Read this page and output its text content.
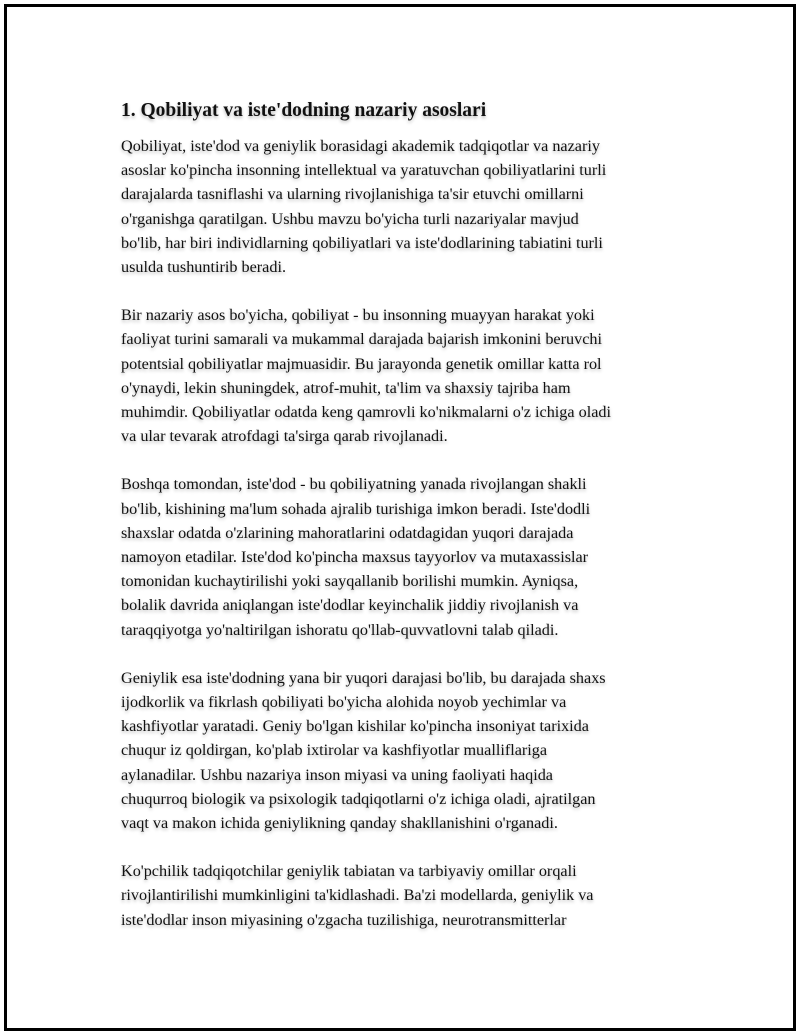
1. Qobiliyat va iste'dodning nazariy asoslari
Qobiliyat, iste'dod va geniylik borasidagi akademik tadqiqotlar va nazariy
asoslar ko'pincha insonning intellektual va yaratuvchan qobiliyatlarini turli
darajalarda tasniflashi va ularning rivojlanishiga ta'sir etuvchi omillarni
o'rganishga qaratilgan. Ushbu mavzu bo'yicha turli nazariyalar mavjud
bo'lib, har biri individlarning qobiliyatlari va iste'dodlarining tabiatini turli
usulda tushuntirib beradi.
Bir nazariy asos bo'yicha, qobiliyat - bu insonning muayyan harakat yoki
faoliyat turini samarali va mukammal darajada bajarish imkonini beruvchi
potentsial qobiliyatlar majmuasidir. Bu jarayonda genetik omillar katta rol
o'ynaydi, lekin shuningdek, atrof-muhit, ta'lim va shaxsiy tajriba ham
muhimdir. Qobiliyatlar odatda keng qamrovli ko'nikmalarni o'z ichiga oladi
va ular tevarak atrofdagi ta'sirga qarab rivojlanadi.
Boshqa tomondan, iste'dod - bu qobiliyatning yanada rivojlangan shakli
bo'lib, kishining ma'lum sohada ajralib turishiga imkon beradi. Iste'dodli
shaxslar odatda o'zlarining mahoratlarini odatdagidan yuqori darajada
namoyon etadilar. Iste'dod ko'pincha maxsus tayyorlov va mutaxassislar
tomonidan kuchaytirilishi yoki sayqallanib borilishi mumkin. Ayniqsa,
bolalik davrida aniqlangan iste'dodlar keyinchalik jiddiy rivojlanish va
taraqqiyotga yo'naltirilgan ishoratu qo'llab-quvvatlovni talab qiladi.
Geniylik esa iste'dodning yana bir yuqori darajasi bo'lib, bu darajada shaxs
ijodkorlik va fikrlash qobiliyati bo'yicha alohida noyob yechimlar va
kashfiyotlar yaratadi. Geniy bo'lgan kishilar ko'pincha insoniyat tarixida
chuqur iz qoldirgan, ko'plab ixtirolar va kashfiyotlar mualliflariga
aylanadilar. Ushbu nazariya inson miyasi va uning faoliyati haqida
chuqurroq biologik va psixologik tadqiqotlarni o'z ichiga oladi, ajratilgan
vaqt va makon ichida geniylikning qanday shakllanishini o'rganadi.
Ko'pchilik tadqiqotchilar geniylik tabiatan va tarbiyaviy omillar orqali
rivojlantirilishi mumkinligini ta'kidlashadi. Ba'zi modellarda, geniylik va
iste'dodlar inson miyasining o'zgacha tuzilishiga, neurotransmitterlar
